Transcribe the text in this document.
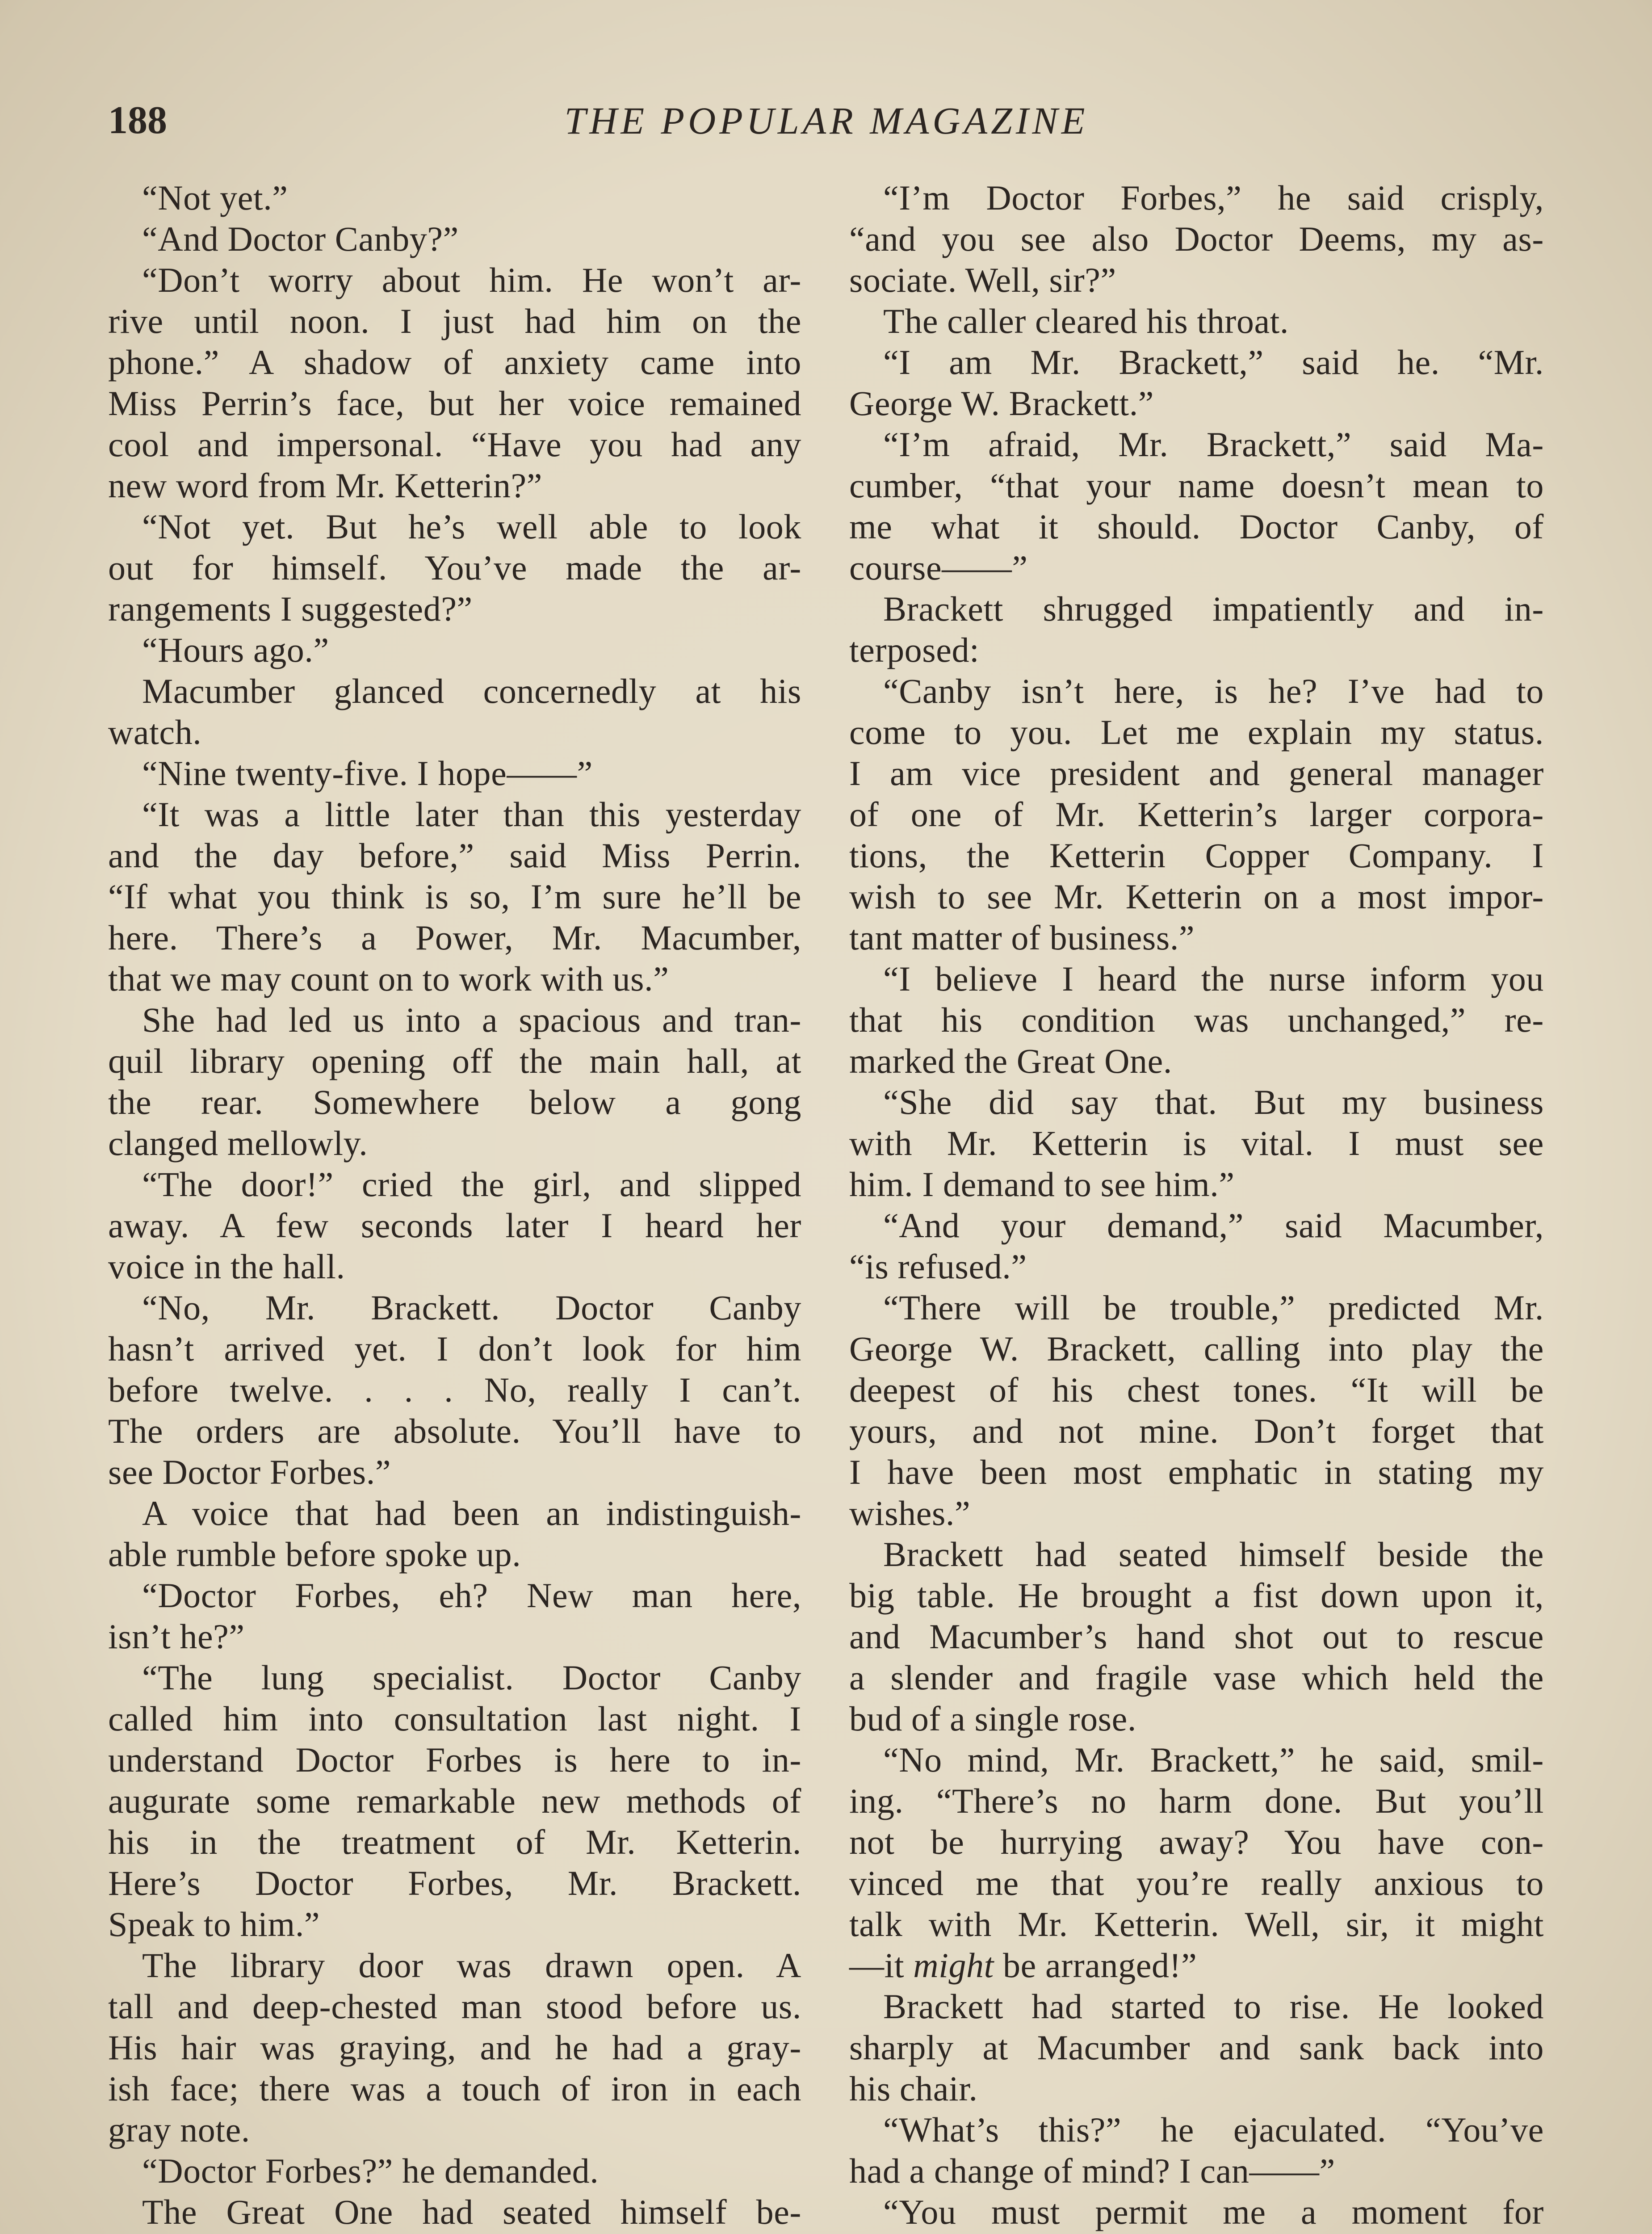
188	THE POPULAR MAGAZINE
“Not yet.”
“And Doctor Canby?”
“Don’t worry about him. He won’t ar-
rive until noon. I just had him on the
phone.” A shadow of anxiety came into
Miss Perrin’s face, but her voice remained
cool and impersonal. “Have you had any
new word from Mr. Ketterin?”
“Not yet. But he’s well able to look
out for himself. You’ve made the ar-
rangements I suggested?”
“Hours ago.”
Macumber glanced concernedly at his
watch.
“Nine twenty-five. I hope——”
“It was a little later than this yesterday
and the day before,” said Miss Perrin.
“If what you think is so, I’m sure he’ll be
here. There’s a Power, Mr. Macumber,
that we may count on to work with us.”
She had led us into a spacious and tran-
quil library opening off the main hall, at
the rear. Somewhere below a gong
clanged mellowly.
“The door!” cried the girl, and slipped
away. A few seconds later I heard her
voice in the hall.
“No, Mr. Brackett. Doctor Canby
hasn’t arrived yet. I don’t look for him
before twelve. . . . No, really I can’t.
The orders are absolute. You’ll have to
see Doctor Forbes.”
A voice that had been an indistinguish-
able rumble before spoke up.
“Doctor Forbes, eh? New man here,
isn’t he?”
“The lung specialist. Doctor Canby
called him into consultation last night. I
understand Doctor Forbes is here to in-
augurate some remarkable new methods of
his in the treatment of Mr. Ketterin.
Here’s Doctor Forbes, Mr. Brackett.
Speak to him.”
The library door was drawn open. A
tall and deep-chested man stood before us.
His hair was graying, and he had a gray-
ish face; there was a touch of iron in each
gray note.
“Doctor Forbes?” he demanded.
The Great One had seated himself be-
“I’m Doctor Forbes,” he said crisply,
“and you see also Doctor Deems, my as-
sociate. Well, sir?”
The caller cleared his throat.
“I am Mr. Brackett,” said he. “Mr.
George W. Brackett.”
“I’m afraid, Mr. Brackett,” said Ma-
cumber, “that your name doesn’t mean to
me what it should. Doctor Canby, of
course——”
Brackett shrugged impatiently and in-
terposed:
“Canby isn’t here, is he? I’ve had to
come to you. Let me explain my status.
I am vice president and general manager
of one of Mr. Ketterin’s larger corpora-
tions, the Ketterin Copper Company. I
wish to see Mr. Ketterin on a most impor-
tant matter of business.”
“I believe I heard the nurse inform you
that his condition was unchanged,” re-
marked the Great One.
“She did say that. But my business
with Mr. Ketterin is vital. I must see
him. I demand to see him.”
“And your demand,” said Macumber,
“is refused.”
“There will be trouble,” predicted Mr.
George W. Brackett, calling into play the
deepest of his chest tones. “It will be
yours, and not mine. Don’t forget that
I have been most emphatic in stating my
wishes.”
Brackett had seated himself beside the
big table. He brought a fist down upon it,
and Macumber’s hand shot out to rescue
a slender and fragile vase which held the
bud of a single rose.
“No mind, Mr. Brackett,” he said, smil-
ing. “There’s no harm done. But you’ll
not be hurrying away? You have con-
vinced me that you’re really anxious to
talk with Mr. Ketterin. Well, sir, it might
—it might be arranged!”
Brackett had started to rise. He looked
sharply at Macumber and sank back into
his chair.
“What’s this?” he ejaculated. “You’ve
had a change of mind? I can——”
“You must permit me a moment for
